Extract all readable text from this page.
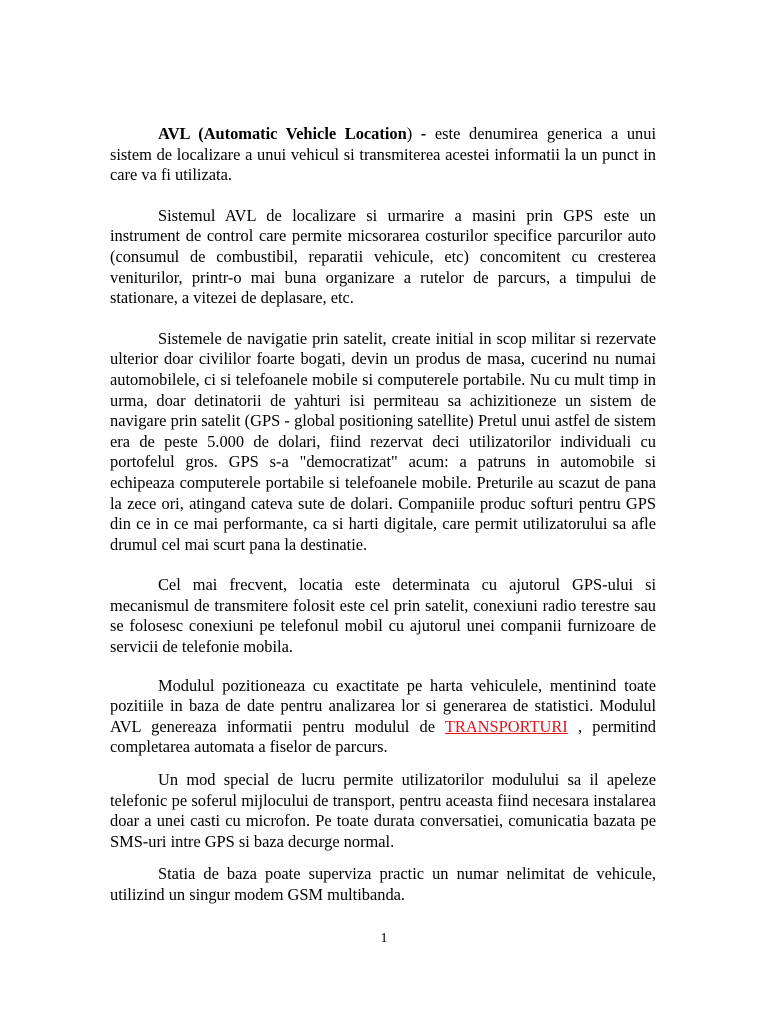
AVL (Automatic Vehicle Location) - este denumirea generica a unui sistem de localizare a unui vehicul si transmiterea acestei informatii la un punct in care va fi utilizata.

Sistemul AVL de localizare si urmarire a masini prin GPS este un instrument de control care permite micsorarea costurilor specifice parcurilor auto (consumul de combustibil, reparatii vehicule, etc) concomitent cu cresterea veniturilor, printr-o mai buna organizare a rutelor de parcurs, a timpului de stationare, a vitezei de deplasare, etc.

Sistemele de navigatie prin satelit, create initial in scop militar si rezervate ulterior doar civililor foarte bogati, devin un produs de masa, cucerind nu numai automobilele, ci si telefoanele mobile si computerele portabile. Nu cu mult timp in urma, doar detinatorii de yahturi isi permiteau sa achizitioneze un sistem de navigare prin satelit (GPS - global positioning satellite) Pretul unui astfel de sistem era de peste 5.000 de dolari, fiind rezervat deci utilizatorilor individuali cu portofelul gros. GPS s-a "democratizat" acum: a patruns in automobile si echipeaza computerele portabile si telefoanele mobile. Preturile au scazut de pana la zece ori, atingand cateva sute de dolari. Companiile produc softuri pentru GPS din ce in ce mai performante, ca si harti digitale, care permit utilizatorului sa afle drumul cel mai scurt pana la destinatie.

Cel mai frecvent, locatia este determinata cu ajutorul GPS-ului si mecanismul de transmitere folosit este cel prin satelit, conexiuni radio terestre sau se folosesc conexiuni pe telefonul mobil cu ajutorul unei companii furnizoare de servicii de telefonie mobila.

Modulul pozitioneaza cu exactitate pe harta vehiculele, mentinind toate pozitiile in baza de date pentru analizarea lor si generarea de statistici. Modulul AVL genereaza informatii pentru modulul de TRANSPORTURI , permitind completarea automata a fiselor de parcurs.

Un mod special de lucru permite utilizatorilor modulului sa il apeleze telefonic pe soferul mijlocului de transport, pentru aceasta fiind necesara instalarea doar a unei casti cu microfon. Pe toate durata conversatiei, comunicatia bazata pe SMS-uri intre GPS si baza decurge normal.

Statia de baza poate superviza practic un numar nelimitat de vehicule, utilizind un singur modem GSM multibanda.

1
